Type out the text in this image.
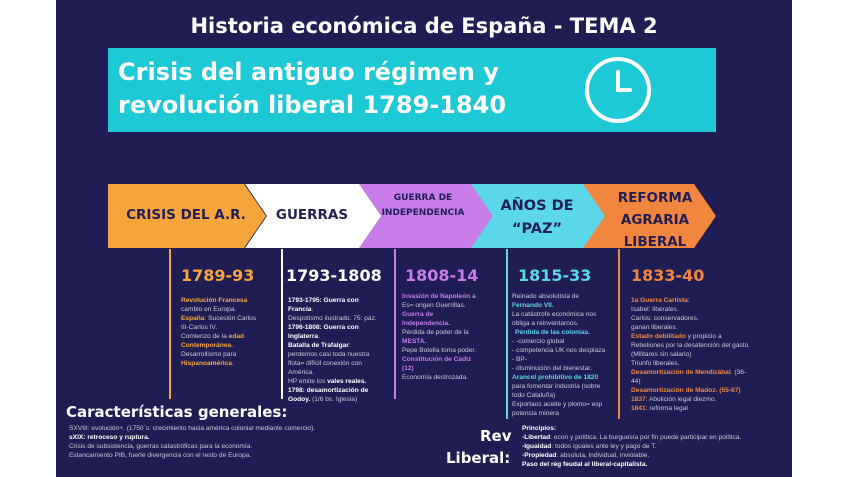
Historia económica de España - TEMA 2
Crisis del antiguo régimen y
revolución liberal 1789-1840
CRISIS DEL A.R.	GUERRAS
GUERRA DE INDEPENDENCIA	AÑOS DE “PAZ”
REFORMA AGRARIA LIBERAL
1789-93 1793-1808 1808-14 1815-33 1833-40
Revolución Francesa
cambio en Europa.
España: Sucesión Carlos
III-Carlos IV.
Comienzo de la edad
Contemporánea.
Desarrollismo para
Hispanoamérica.
1793-1795: Guerra con
Francia.
Despotismo ilustrado. 75: paz.
1796-1808: Guerra con
Inglaterra.
Batalla de Trafalgar:
perdemos casi toda nuestra
flota= difícil conexión con
América.
HP emite los vales reales.
1798: desamortización de
Godoy. (1/6 bs. Iglesia)
Invasión de Napoleón a
Es= origen Guerrillas.
Guerra de
Independencia.
Pérdida de poder de la
MESTA.
Pepe Botella toma poder.
Constitución de Cádiz
(12)
Economía destrozada.
Reinado absolutista de
Fernando VII.
La catástrofe económica nos
obliga a reinventarnos.
Pérdida de las colonias.
- -comercio global
- competencia UK nos desplaza
- BP-
- disminución del bienestar.
Arancel prohibitivo de 1820
para fomentar industria (sobre
todo Cataluña)
Exportaos aceite y plomo= esp
potencia minera
1a Guerra Carlista:
Isabel: liberales.
Carlos: conservadores.
ganan liberales.
Estado debilitado y propicio a
Rebeliones por la desatención del gasto.
(Militares sin salario)
Triunfo liberales.
Desamortización de Mendizábal. (36-
44)
Desamortización de Madoz. (55-67)
1837: Abolición legal diezmo.
1841: reforma legal
Características generales:
SXVIII: evolución+. (1750´s: crecimiento hacia américa colonial mediante comercio).
sXIX: retroceso y ruptura.
Crisis de subsistencia, guerras catastróficas para la economía.
Estancamiento PIB, fuerte divergencia con el resto de Europa.
Rev
Liberal:
Principios:
-Libertad: econ y política. La burguesía por fin puede participar en política.
-Igualdad: todos iguales ante ley y pago de T.
-Propiedad: absoluta, individual, inviolable.
Paso del rég feudal al liberal-capitalista.
